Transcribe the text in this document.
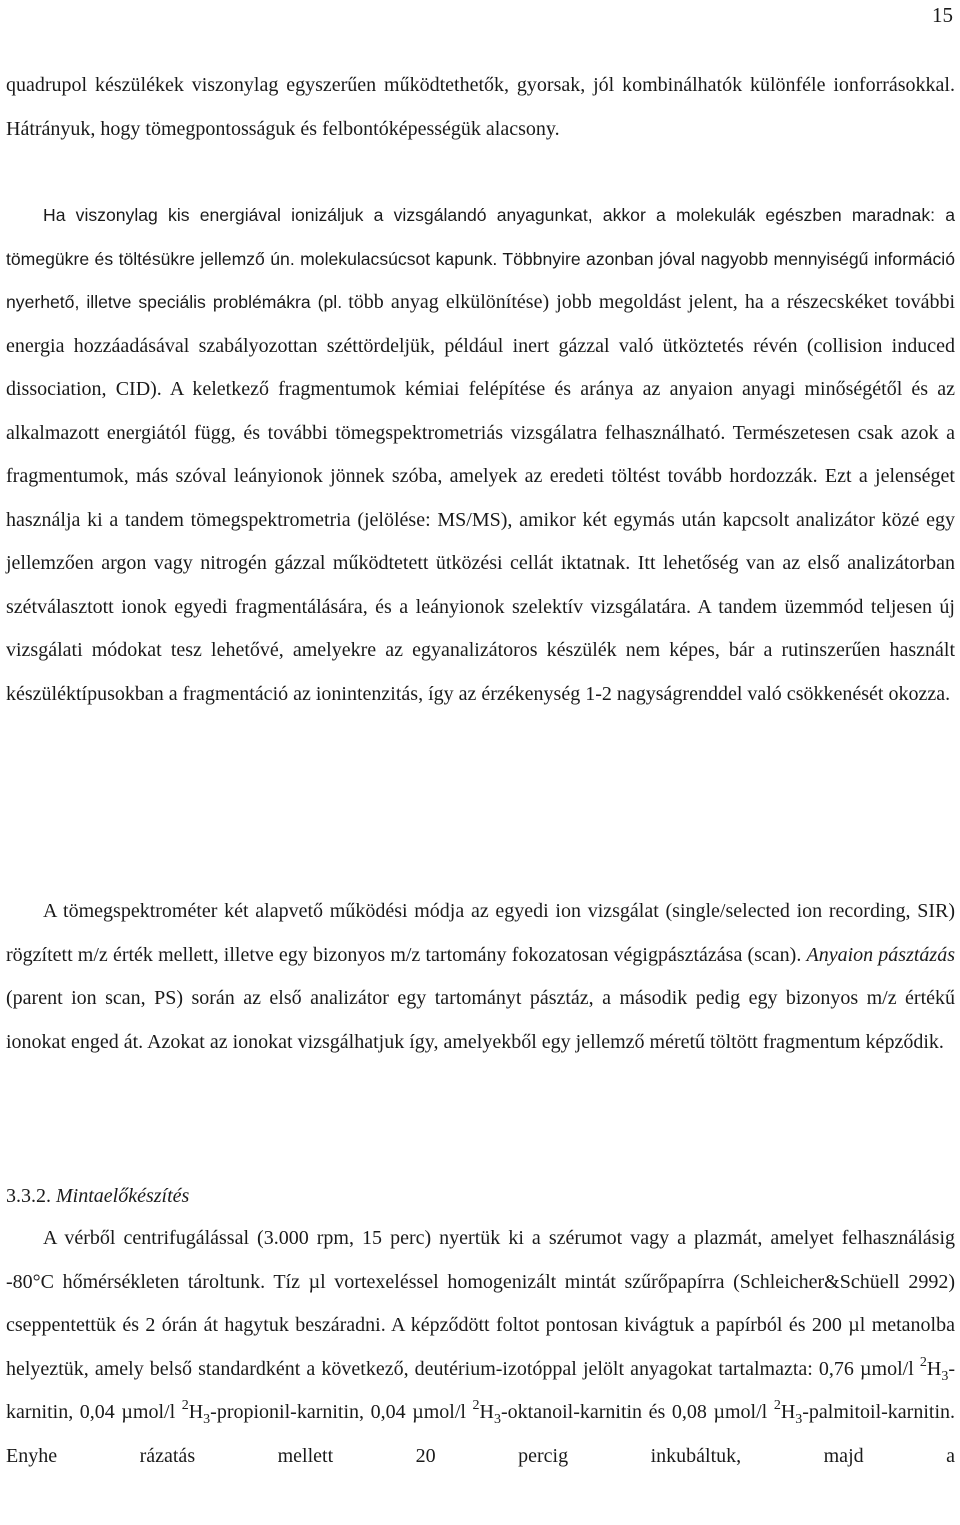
15

quadrupol készülékek viszonylag egyszerűen működtethetők, gyorsak, jól kombinálhatók különféle ionforrásokkal. Hátrányuk, hogy tömegpontosságuk és felbontóképességük alacsony.

Ha viszonylag kis energiával ionizáljuk a vizsgálandó anyagunkat, akkor a molekulák egészben maradnak: a tömegükre és töltésükre jellemző ún. molekulacsúcsot kapunk. Többnyire azonban jóval nagyobb mennyiségű információ nyerhető, illetve speciális problémákra (pl. több anyag elkülönítése) jobb megoldást jelent, ha a részecskéket további energia hozzáadásával szabályozottan széttördeljük, például inert gázzal való ütköztetés révén (collision induced dissociation, CID). A keletkező fragmentumok kémiai felépítése és aránya az anyaion anyagi minőségétől és az alkalmazott energiától függ, és további tömegspektrometriás vizsgálatra felhasználható. Természetesen csak azok a fragmentumok, más szóval leányionok jönnek szóba, amelyek az eredeti töltést tovább hordozzák. Ezt a jelenséget használja ki a tandem tömegspektrometria (jelölése: MS/MS), amikor két egymás után kapcsolt analizátor közé egy jellemzően argon vagy nitrogén gázzal működtetett ütközési cellát iktatnak. Itt lehetőség van az első analizátorban szétválasztott ionok egyedi fragmentálására, és a leányionok szelektív vizsgálatára. A tandem üzemmód teljesen új vizsgálati módokat tesz lehetővé, amelyekre az egyanalizátoros készülék nem képes, bár a rutinszerűen használt készüléktípusokban a fragmentáció az ionintenzitás, így az érzékenység 1-2 nagyságrenddel való csökkenését okozza.

A tömegspektrométer két alapvető működési módja az egyedi ion vizsgálat (single/selected ion recording, SIR) rögzített m/z érték mellett, illetve egy bizonyos m/z tartomány fokozatosan végigpásztázása (scan). Anyaion pásztázás (parent ion scan, PS) során az első analizátor egy tartományt pásztáz, a második pedig egy bizonyos m/z értékű ionokat enged át. Azokat az ionokat vizsgálhatjuk így, amelyekből egy jellemző méretű töltött fragmentum képződik.

3.3.2. Mintaelőkészítés

A vérből centrifugálással (3.000 rpm, 15 perc) nyertük ki a szérumot vagy a plazmát, amelyet felhasználásig -80°C hőmérsékleten tároltunk. Tíz µl vortexeléssel homogenizált mintát szűrőpapírra (Schleicher&Schüell 2992) cseppentettük és 2 órán át hagytuk beszáradni. A képződött foltot pontosan kivágtuk a papírból és 200 µl metanolba helyeztük, amely belső standardként a következő, deutérium-izotóppal jelölt anyagokat tartalmazta: 0,76 µmol/l $^2H_3$-karnitin, 0,04 µmol/l $^2H_3-propionil$-karnitin, 0,04 µmol/l $^2H_3-oktanoil$-karnitin és 0,08 µmol/l $^2H_3-palmitoil$-karnitin. Enyhe rázatás mellett 20 percig inkubáltuk, majd a
